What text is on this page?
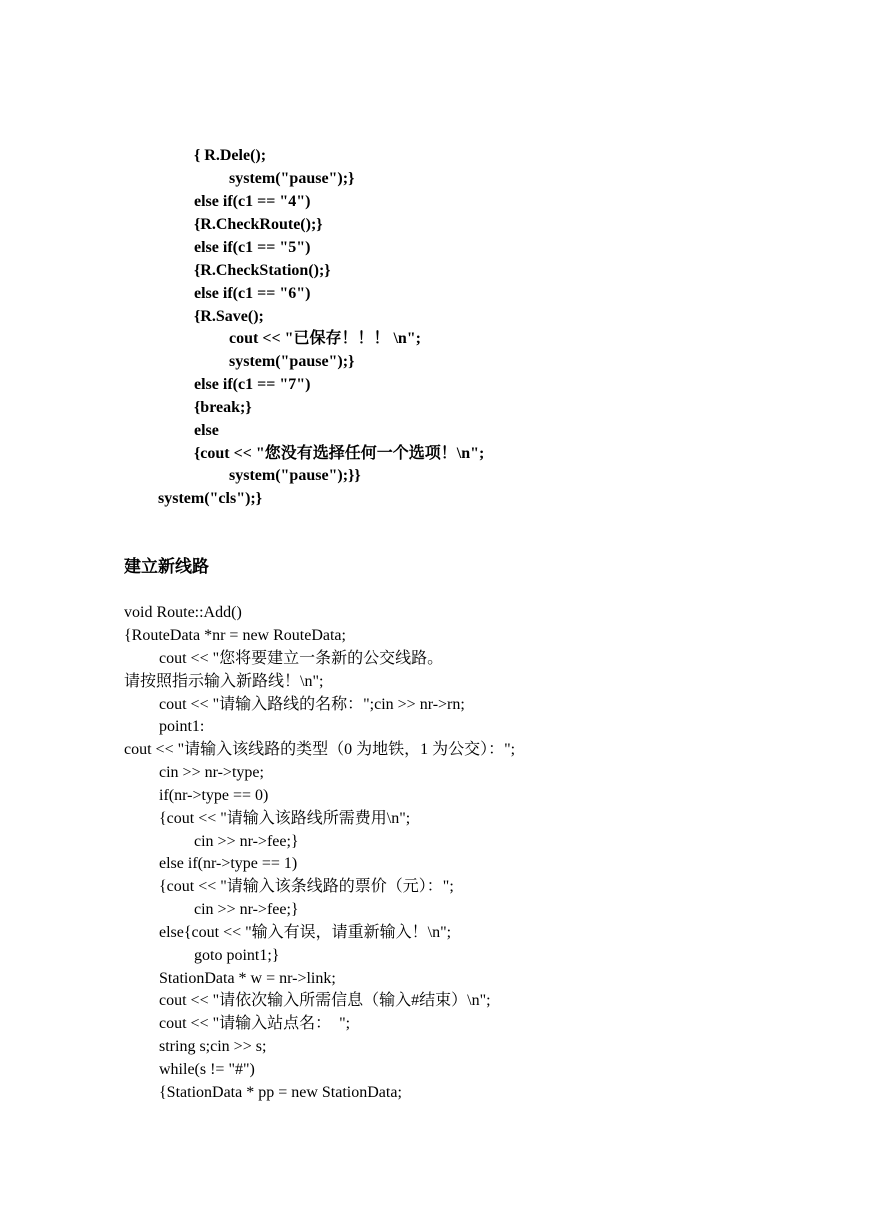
{ R.Dele();
system("pause");}
else if(c1 == "4")
{R.CheckRoute();}
else if(c1 == "5")
{R.CheckStation();}
else if(c1 == "6")
{R.Save();
cout << "已保存！！！ \n";
system("pause");}
else if(c1 == "7")
{break;}
else
{cout << "您没有选择任何一个选项！\n";
system("pause");}}
system("cls");}
建立新线路
void Route::Add()
{RouteData *nr = new RouteData;
cout << "您将要建立一条新的公交线路。
请按照指示输入新路线！\n";
cout << "请输入路线的名称：";cin >> nr->rn;
point1:
cout << "请输入该线路的类型（0 为地铁，1 为公交）：";
cin >> nr->type;
if(nr->type == 0)
{cout << "请输入该路线所需费用\n";
cin >> nr->fee;}
else if(nr->type == 1)
{cout << "请输入该条线路的票价（元）：";
cin >> nr->fee;}
else{cout << "输入有误，请重新输入！\n";
goto point1;}
StationData * w = nr->link;
cout << "请依次输入所需信息（输入#结束）\n";
cout << "请输入站点名：  ";
string s;cin >> s;
while(s != "#")
{StationData * pp = new StationData;
